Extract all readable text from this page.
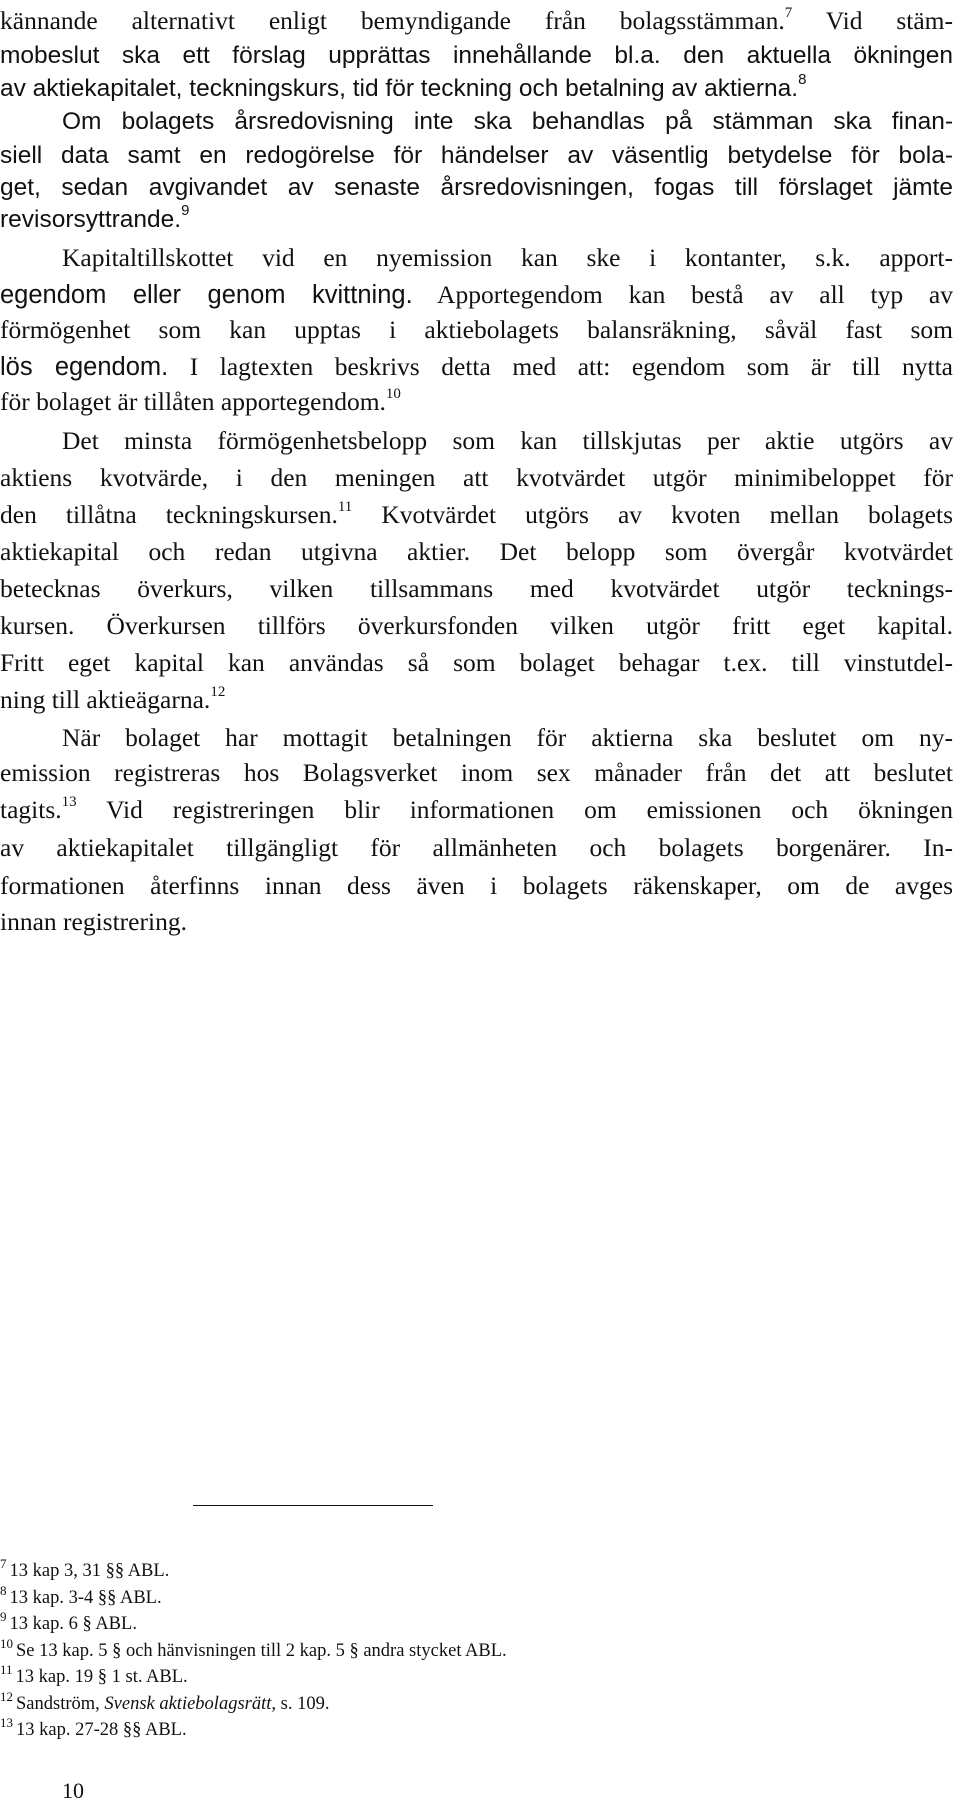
kännande alternativt enligt bemyndigande från bolagsstämman.$^7$ Vid stäm-
mobeslut ska ett förslag upprättas innehållande bl.a. den aktuella ökningen
av aktiekapitalet, teckningskurs, tid för teckning och betalning av aktierna.$^8$
Om bolagets årsredovisning inte ska behandlas på stämman ska finan-
siell data samt en redogörelse för händelser av väsentlig betydelse för bola-
get, sedan avgivandet av senaste årsredovisningen, fogas till förslaget jämte
revisorsyttrande.$^9$
Kapitaltillskottet vid en nyemission kan ske i kontanter, s.k. apport-
egendom eller genom kvittning. Apportegendom kan bestå av all typ av
förmögenhet som kan upptas i aktiebolagets balansräkning, såväl fast som
lös egendom. I lagtexten beskrivs detta med att: egendom som är till nytta
för bolaget är tillåten apportegendom.$^{10}$
Det minsta förmögenhetsbelopp som kan tillskjutas per aktie utgörs av
aktiens kvotvärde, i den meningen att kvotvärdet utgör minimibeloppet för
den tillåtna teckningskursen.$^{11}$ Kvotvärdet utgörs av kvoten mellan bolagets
aktiekapital och redan utgivna aktier. Det belopp som övergår kvotvärdet
betecknas överkurs, vilken tillsammans med kvotvärdet utgör tecknings-
kursen. Överkursen tillförs överkursfonden vilken utgör fritt eget kapital.
Fritt eget kapital kan användas så som bolaget behagar t.ex. till vinstutdel-
ning till aktieägarna.$^{12}$
När bolaget har mottagit betalningen för aktierna ska beslutet om ny-
emission registreras hos Bolagsverket inom sex månader från det att beslutet
tagits.$^{13}$ Vid registreringen blir informationen om emissionen och ökningen
av aktiekapitalet tillgängligt för allmänheten och bolagets borgenärer. In-
formationen återfinns innan dess även i bolagets räkenskaper, om de avges
innan registrering.
$^7$ 13 kap 3, 31 §§ ABL.
$^8$ 13 kap. 3-4 §§ ABL.
$^9$ 13 kap. 6 § ABL.
$^{10}$ Se 13 kap. 5 § och hänvisningen till 2 kap. 5 § andra stycket ABL.
$^{11}$ 13 kap. 19 § 1 st. ABL.
$^{12}$ Sandström, Svensk aktiebolagsrätt, s. 109.
$^{13}$ 13 kap. 27-28 §§ ABL.
10
